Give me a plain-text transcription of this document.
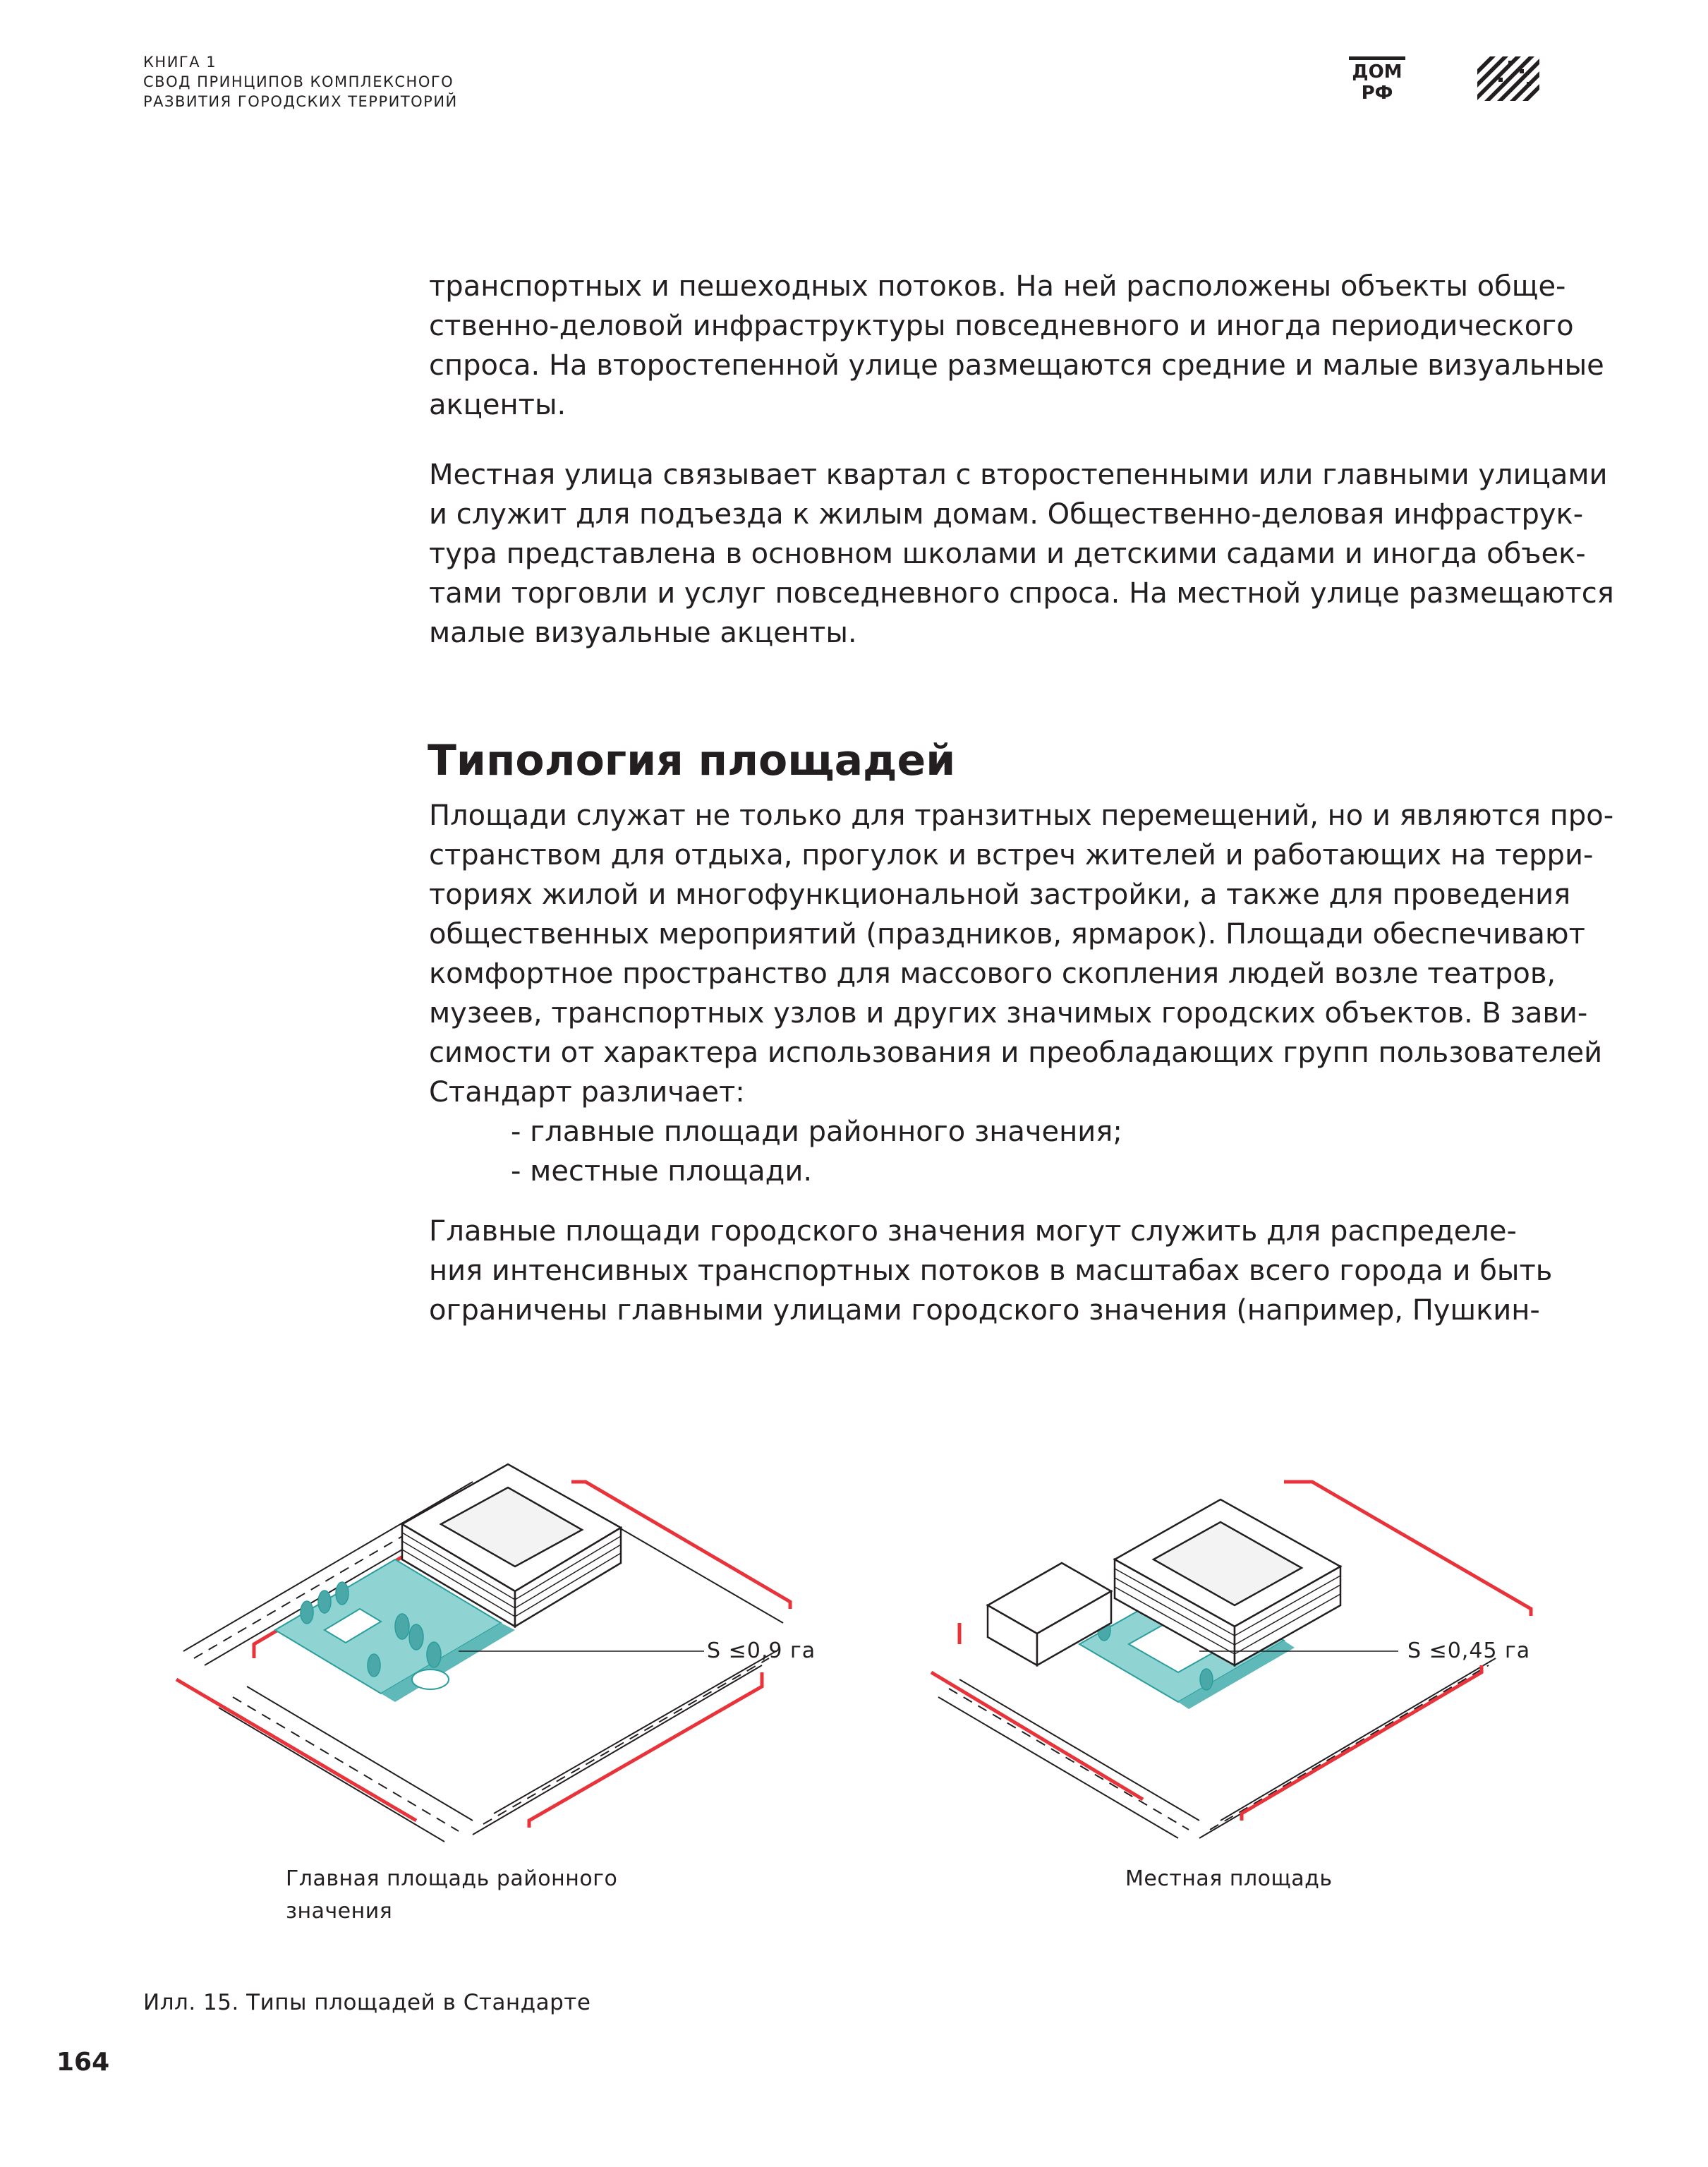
КНИГА 1
СВОД ПРИНЦИПОВ КОМПЛЕКСНОГО
РАЗВИТИЯ ГОРОДСКИХ ТЕРРИТОРИЙ
ДОМ
РФ

транспортных и пешеходных потоков. На ней расположены объекты обще-

ственно-деловой инфраструктуры повседневного и иногда периодического

спроса. На второстепенной улице размещаются средние и малые визуальные

акценты.

Местная улица связывает квартал с второстепенными или главными улицами

и служит для подъезда к жилым домам. Общественно-деловая инфраструк-

тура представлена в основном школами и детскими садами и иногда объек-

тами торговли и услуг повседневного спроса. На местной улице размещаются

малые визуальные акценты.

Типология площадей

Площади служат не только для транзитных перемещений, но и являются про-

странством для отдыха, прогулок и встреч жителей и работающих на терри-

ториях жилой и многофункциональной застройки, а также для проведения

общественных мероприятий (праздников, ярмарок). Площади обеспечивают

комфортное пространство для массового скопления людей возле театров,

музеев, транспортных узлов и других значимых городских объектов. В зави-

симости от характера использования и преобладающих групп пользователей

Стандарт различает:

- главные площади районного значения;

- местные площади.

Главные площади городского значения могут служить для распределе-

ния интенсивных транспортных потоков в масштабах всего города и быть

ограничены главными улицами городского значения (например, Пушкин-

S ≤0,9 га	S ≤0,45 га
Главная площадь районного
значения
Местная площадь
Илл. 15. Типы площадей в Стандарте
164
